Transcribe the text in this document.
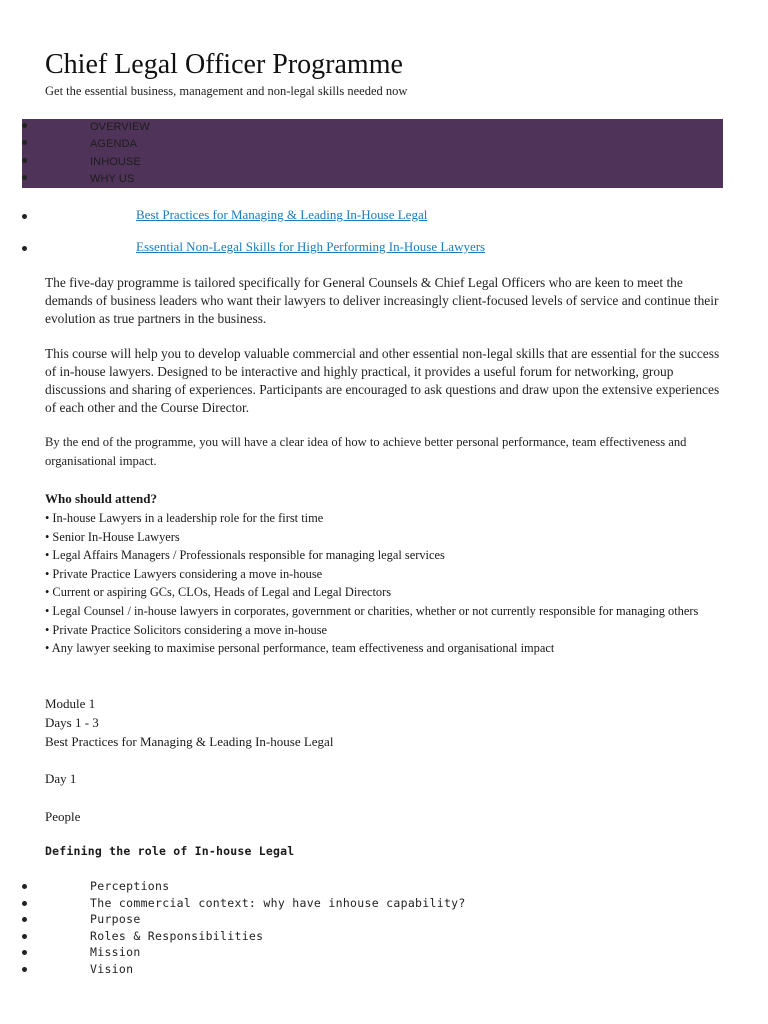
Chief Legal Officer Programme
Get the essential business, management and non-legal skills needed now
OVERVIEW
AGENDA
INHOUSE
WHY US
Best Practices for Managing & Leading In-House Legal
Essential Non-Legal Skills for High Performing In-House Lawyers

The five-day programme is tailored specifically for General Counsels & Chief Legal Officers who are keen to meet the demands of business leaders who want their lawyers to deliver increasingly client-focused levels of service and continue their evolution as true partners in the business.

This course will help you to develop valuable commercial and other essential non-legal skills that are essential for the success of in-house lawyers. Designed to be interactive and highly practical, it provides a useful forum for networking, group discussions and sharing of experiences. Participants are encouraged to ask questions and draw upon the extensive experiences of each other and the Course Director.

By the end of the programme, you will have a clear idea of how to achieve better personal performance, team effectiveness and organisational impact.

Who should attend?
• In-house Lawyers in a leadership role for the first time
• Senior In-House Lawyers
• Legal Affairs Managers / Professionals responsible for managing legal services
• Private Practice Lawyers considering a move in-house
• Current or aspiring GCs, CLOs, Heads of Legal and Legal Directors
• Legal Counsel / in-house lawyers in corporates, government or charities, whether or not currently responsible for managing others
• Private Practice Solicitors considering a move in-house
• Any lawyer seeking to maximise personal performance, team effectiveness and organisational impact
Module 1
Days 1 - 3
Best Practices for Managing & Leading In-house Legal
Day 1
People
Defining the role of In-house Legal
Perceptions
The commercial context: why have inhouse capability?
Purpose
Roles & Responsibilities
Mission
Vision
